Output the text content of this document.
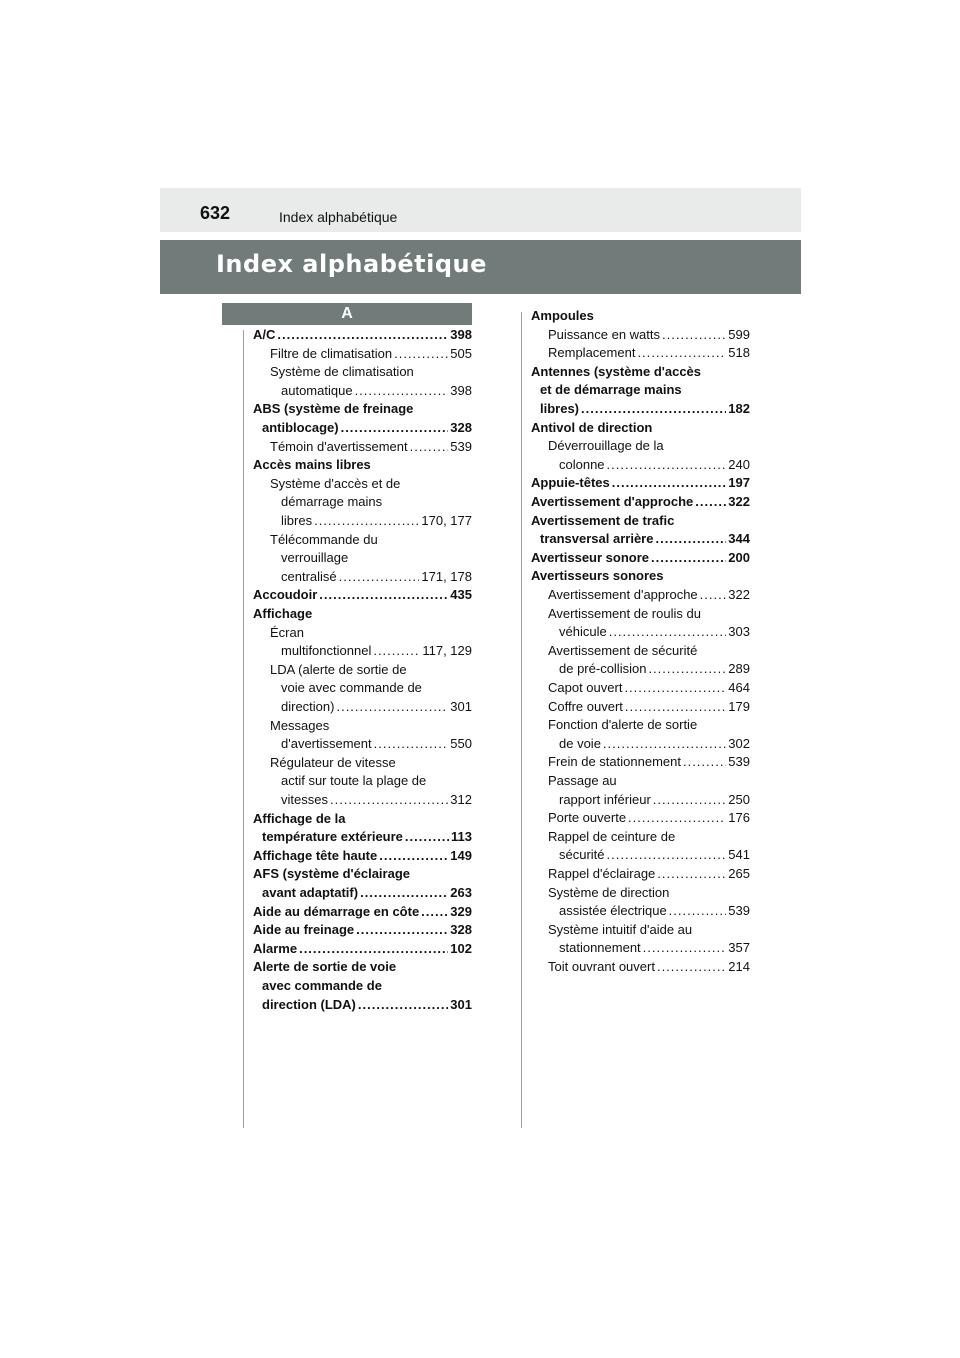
632	Index alphabétique
Index alphabétique
A
A/C .....	398
Filtre de climatisation .....	505
Système de climatisation
automatique .....	398
ABS (système de freinage
antiblocage) .....	328
Témoin d'avertissement .....	539
Accès mains libres
Système d'accès et de
démarrage mains
libres .....	170, 177
Télécommande du
verrouillage
centralisé .....	171, 178
Accoudoir .....	435
Affichage
Écran
multifonctionnel .....	117, 129
LDA (alerte de sortie de
voie avec commande de
direction) .....	301
Messages
d'avertissement .....	550
Régulateur de vitesse
actif sur toute la plage de
vitesses .....	312
Affichage de la
température extérieure .....	113
Affichage tête haute .....	149
AFS (système d'éclairage
avant adaptatif) .....	263
Aide au démarrage en côte ..... 329
Aide au freinage .....	328
Alarme .....	102
Alerte de sortie de voie
avec commande de
direction (LDA) .....	301
Ampoules
Puissance en watts .....	599
Remplacement .....	518
Antennes (système d'accès
et de démarrage mains
libres) .....	182
Antivol de direction
Déverrouillage de la
colonne .....	240
Appuie-têtes .....	197
Avertissement d'approche .....	322
Avertissement de trafic
transversal arrière .....	344
Avertisseur sonore .....	200
Avertisseurs sonores
Avertissement d'approche ..... 322
Avertissement de roulis du
véhicule .....	303
Avertissement de sécurité
de pré-collision .....	289
Capot ouvert .....	464
Coffre ouvert .....	179
Fonction d'alerte de sortie
de voie .....	302
Frein de stationnement .....	539
Passage au
rapport inférieur .....	250
Porte ouverte .....	176
Rappel de ceinture de
sécurité .....	541
Rappel d'éclairage .....	265
Système de direction
assistée électrique .....	539
Système intuitif d'aide au
stationnement .....	357
Toit ouvrant ouvert .....	214
